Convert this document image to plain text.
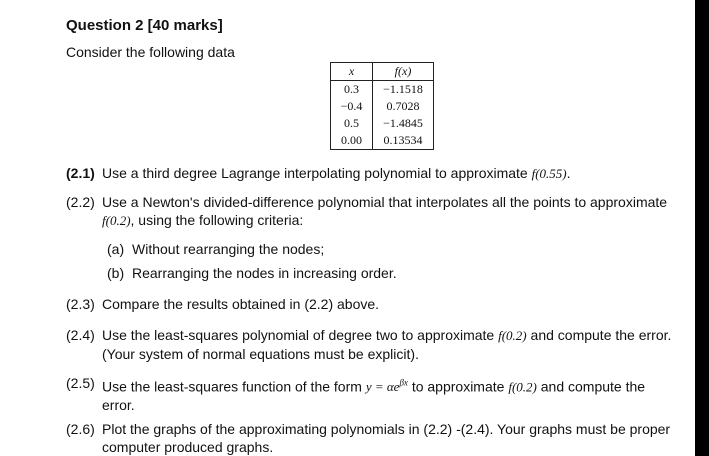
Question 2 [40 marks]
Consider the following data
x	f(x)
0.3	−1.1518
−0.4	0.7028
0.5	−1.4845
0.00	0.13534
(2.1) Use a third degree Lagrange interpolating polynomial to approximate f(0.55).
(2.2) Use a Newton's divided-difference polynomial that interpolates all the points to approximate
f(0.2), using the following criteria:
(a) Without rearranging the nodes;
(b) Rearranging the nodes in increasing order.
(2.3) Compare the results obtained in (2.2) above.
(2.4) Use the least-squares polynomial of degree two to approximate f(0.2) and compute the error.
(Your system of normal equations must be explicit).
(2.5) Use the least-squares function of the form $y = \alpha e^{\beta x}$ to approximate f(0.2) and compute the
error.
(2.6) Plot the graphs of the approximating polynomials in (2.2) -(2.4). Your graphs must be proper
computer produced graphs.
